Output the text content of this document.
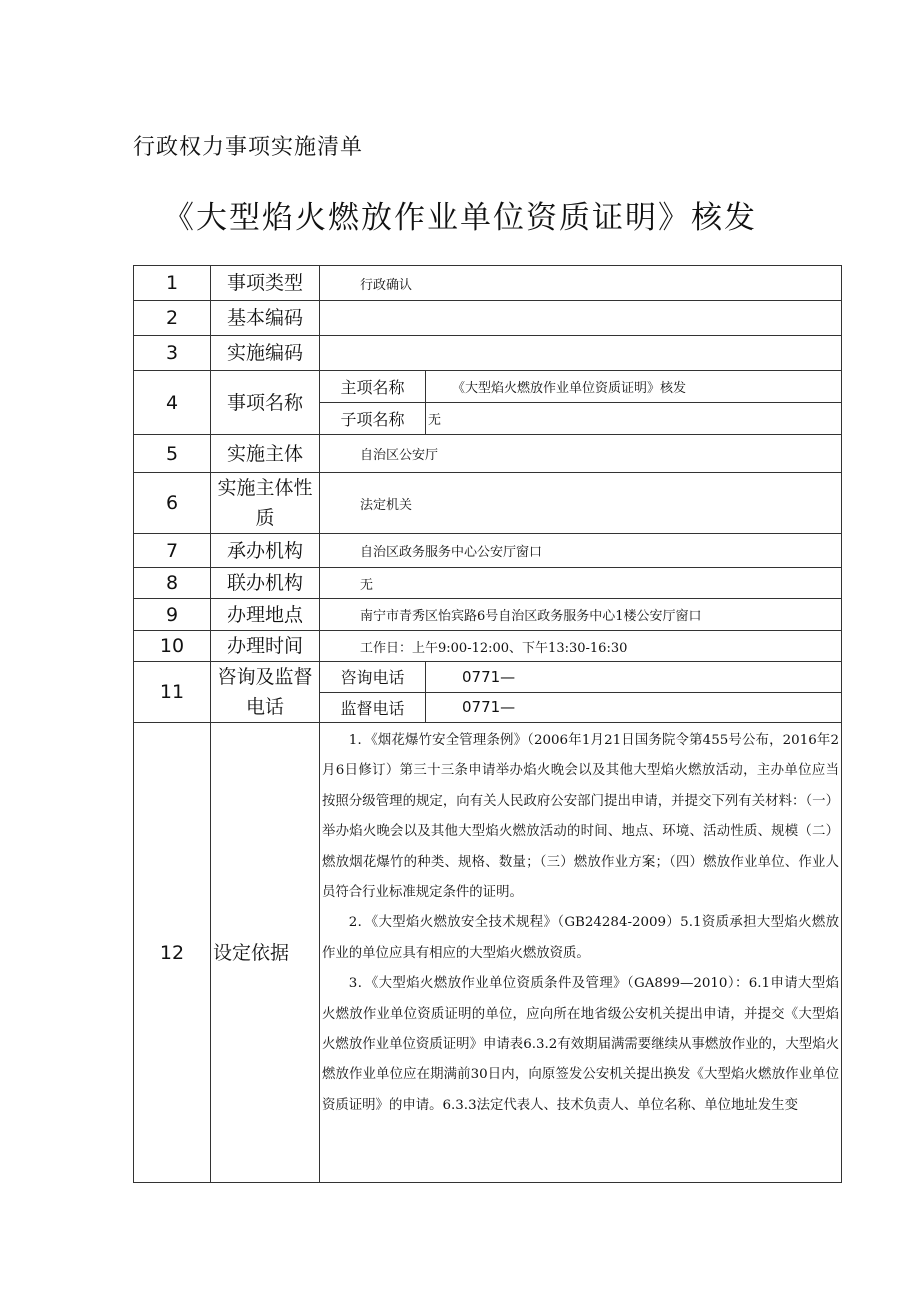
行政权力事项实施清单
《大型焰火燃放作业单位资质证明》核发
1	事项类型	行政确认	
2	基本编码		
3	实施编码		
4	事项名称	主项名称	《大型焰火燃放作业单位资质证明》核发
		子项名称	无
5	实施主体	自治区公安厅	
6	实施主体性质	法定机关	
7	承办机构	自治区政务服务中心公安厅窗口	
8	联办机构	无	
9	办理地点	南宁市青秀区怡宾路6号自治区政务服务中心1楼公安厅窗口	
10	办理时间	工作日：上午9:00-12:00、下午13:30-16:30	
11	咨询及监督电话	咨询电话	0771—
		监督电话	0771—
12	设定依据	1．《烟花爆竹安全管理条例》（2006年1月21日国务院令第455号公布，2016年2月6日修订）第三十三条申请举办焰火晚会以及其他大型焰火燃放活动，主办单位应当按照分级管理的规定，向有关人民政府公安部门提出申请，并提交下列有关材料：（一）举办焰火晚会以及其他大型焰火燃放活动的时间、地点、环境、活动性质、规模（二）燃放烟花爆竹的种类、规格、数量；（三）燃放作业方案；（四）燃放作业单位、作业人员符合行业标准规定条件的证明。

2．《大型焰火燃放安全技术规程》（GB24284-2009）5.1资质承担大型焰火燃放作业的单位应具有相应的大型焰火燃放资质。

3．《大型焰火燃放作业单位资质条件及管理》（GA899—2010）：6.1申请大型焰火燃放作业单位资质证明的单位，应向所在地省级公安机关提出申请，并提交《大型焰火燃放作业单位资质证明》申请表6.3.2有效期届满需要继续从事燃放作业的，大型焰火燃放作业单位应在期满前30日内，向原签发公安机关提出换发《大型焰火燃放作业单位资质证明》的申请。6.3.3法定代表人、技术负责人、单位名称、单位地址发生变	
